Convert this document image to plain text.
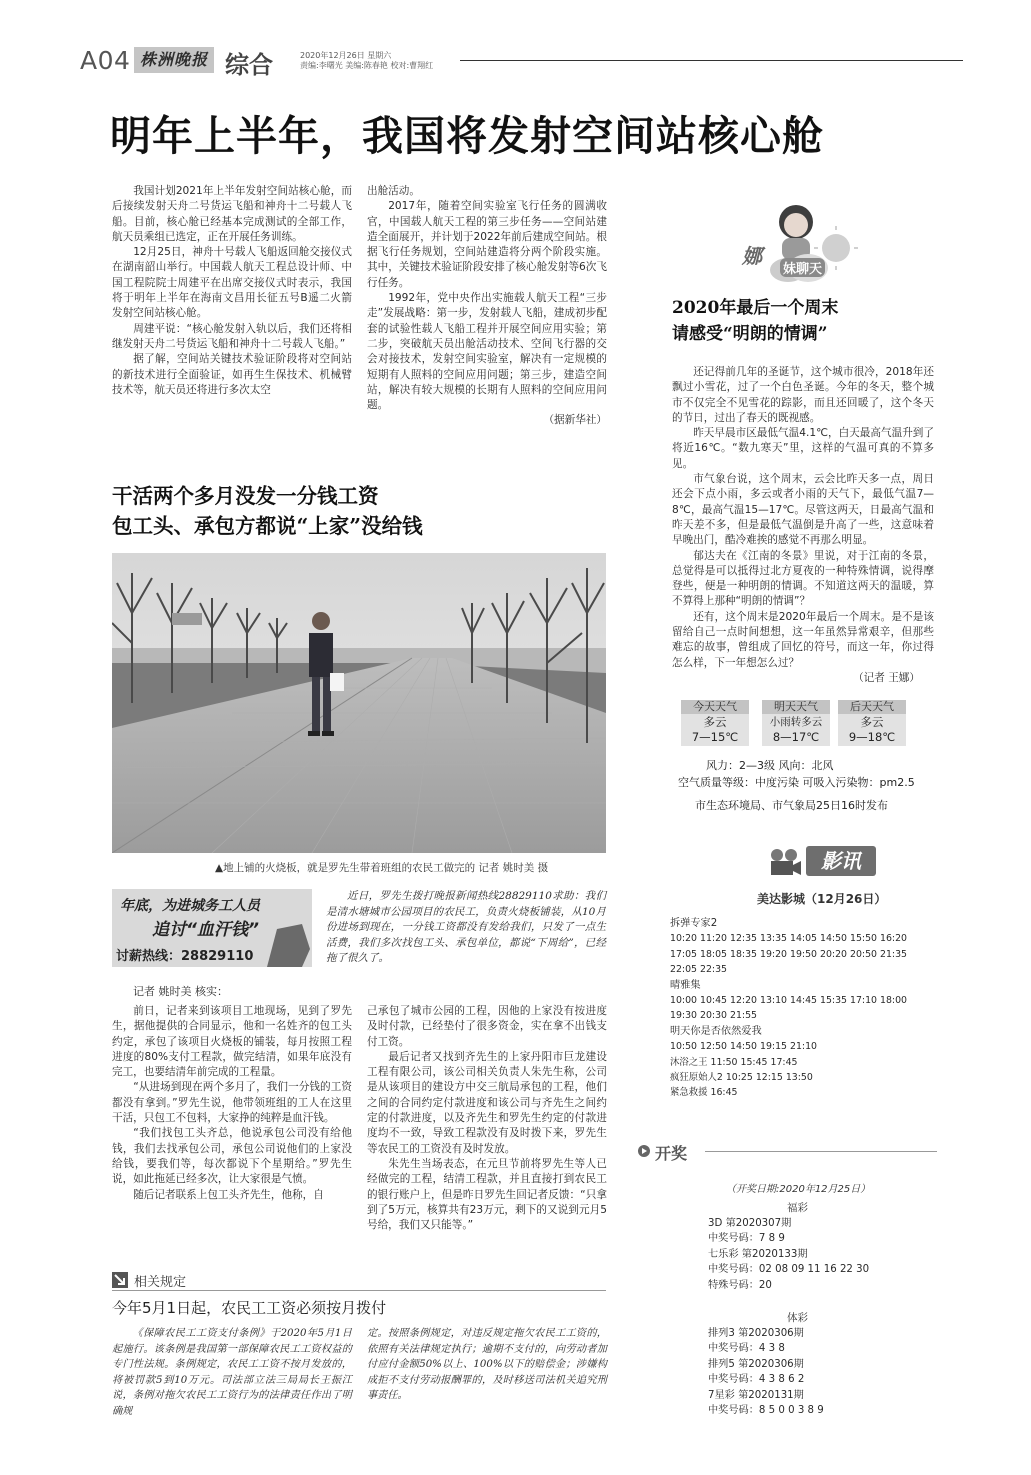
A04 株洲晚报 综合	2020年12月26日 星期六
责编:李曙光 美编:陈春艳 校对:曹翔红
明年上半年，我国将发射空间站核心舱

我国计划2021年上半年发射空间站核心舱，而后接续发射天舟二号货运飞船和神舟十二号载人飞船。目前，核心舱已经基本完成测试的全部工作，航天员乘组已选定，正在开展任务训练。

12月25日，神舟十号载人飞船返回舱交接仪式在湖南韶山举行。中国载人航天工程总设计师、中国工程院院士周建平在出席交接仪式时表示，我国将于明年上半年在海南文昌用长征五号B遥二火箭发射空间站核心舱。

周建平说：“核心舱发射入轨以后，我们还将相继发射天舟二号货运飞船和神舟十二号载人飞船。”

据了解，空间站关键技术验证阶段将对空间站的新技术进行全面验证，如再生生保技术、机械臂技术等，航天员还将进行多次太空

出舱活动。

2017年，随着空间实验室飞行任务的圆满收官，中国载人航天工程的第三步任务——空间站建造全面展开，并计划于2022年前后建成空间站。根据飞行任务规划，空间站建造将分两个阶段实施。其中，关键技术验证阶段安排了核心舱发射等6次飞行任务。

1992年，党中央作出实施载人航天工程“三步走”发展战略：第一步，发射载人飞船，建成初步配套的试验性载人飞船工程并开展空间应用实验；第二步，突破航天员出舱活动技术、空间飞行器的交会对接技术，发射空间实验室，解决有一定规模的短期有人照料的空间应用问题；第三步，建造空间站，解决有较大规模的长期有人照料的空间应用问题。

（据新华社）
干活两个多月没发一分钱工资
包工头、承包方都说“上家”没给钱
▲地上铺的火烧板，就是罗先生带着班组的农民工做完的 记者 姚时美 摄
年底，为进城务工人员
追讨“血汗钱”
讨薪热线：28829110
近日，罗先生拨打晚报新闻热线28829110求助：我们是清水塘城市公园项目的农民工，负责火烧板铺装，从10月份进场到现在，一分钱工资都没有发给我们，只发了一点生活费，我们多次找包工头、承包单位，都说“下周给”，已经拖了很久了。
记者 姚时美 核实：

前日，记者来到该项目工地现场，见到了罗先生，据他提供的合同显示，他和一名姓齐的包工头约定，承包了该项目火烧板的铺装，每月按照工程进度的80%支付工程款，做完结清，如果年底没有完工，也要结清年前完成的工程量。

“从进场到现在两个多月了，我们一分钱的工资都没有拿到。”罗先生说，他带领班组的工人在这里干活，只包工不包料，大家挣的纯粹是血汗钱。

“我们找包工头齐总，他说承包公司没有给他钱，我们去找承包公司，承包公司说他们的上家没给钱，要我们等，每次都说下个星期给。”罗先生说，如此拖延已经多次，让大家很是气愤。

随后记者联系上包工头齐先生，他称，自

己承包了城市公园的工程，因他的上家没有按进度及时付款，已经垫付了很多资金，实在拿不出钱支付工资。

最后记者又找到齐先生的上家丹阳市巨龙建设工程有限公司，该公司相关负责人朱先生称，公司是从该项目的建设方中交三航局承包的工程，他们之间的合同约定付款进度和该公司与齐先生之间约定的付款进度，以及齐先生和罗先生约定的付款进度均不一致，导致工程款没有及时拨下来，罗先生等农民工的工资没有及时发放。

朱先生当场表态，在元旦节前将罗先生等人已经做完的工程，结清工程款，并且直接打到农民工的银行账户上，但是昨日罗先生回记者反馈：“只拿到了5万元，核算共有23万元，剩下的又说到元月5号给，我们又只能等。”

相关规定
今年5月1日起，农民工工资必须按月拨付
《保障农民工工资支付条例》于2020年5月1日起施行。该条例是我国第一部保障农民工工资权益的专门性法规。条例规定，农民工工资不按月发放的，将被罚款5到10万元。司法部立法三局局长王振江说，条例对拖欠农民工工资行为的法律责任作出了明确规
定。按照条例规定，对违反规定拖欠农民工工资的，依照有关法律规定执行；逾期不支付的，向劳动者加付应付金额50%以上、100%以下的赔偿金；涉嫌构成拒不支付劳动报酬罪的，及时移送司法机关追究刑事责任。
娜
妹聊天
2020年最后一个周末
请感受“明朗的情调”

还记得前几年的圣诞节，这个城市很冷，2018年还飘过小雪花，过了一个白色圣诞。今年的冬天，整个城市不仅完全不见雪花的踪影，而且还回暖了，这个冬天的节日，过出了春天的既视感。

昨天早晨市区最低气温4.1℃，白天最高气温升到了将近16℃。“数九寒天”里，这样的气温可真的不算多见。

市气象台说，这个周末，云会比昨天多一点，周日还会下点小雨，多云或者小雨的天气下，最低气温7—8℃，最高气温15—17℃。尽管这两天，日最高气温和昨天差不多，但是最低气温倒是升高了一些，这意味着早晚出门，酷冷难挨的感觉不再那么明显。

郁达夫在《江南的冬景》里说，对于江南的冬景，总觉得是可以抵得过北方夏夜的一种特殊情调，说得摩登些，便是一种明朗的情调。不知道这两天的温暖，算不算得上那种“明朗的情调”？

还有，这个周末是2020年最后一个周末。是不是该留给自己一点时间想想，这一年虽然异常艰辛，但那些难忘的故事，曾组成了回忆的符号，而这一年，你过得怎么样，下一年想怎么过？

（记者 王娜）
今天天气
多云
7—15℃
明天天气
小雨转多云
8—17℃
后天天气
多云
9—18℃
风力：2—3级 风向：北风
空气质量等级：中度污染 可吸入污染物：pm2.5
市生态环境局、市气象局25日16时发布
影讯
美达影城（12月26日）
拆弹专家2
10:20 11:20 12:35 13:35 14:05 14:50 15:50 16:20
17:05 18:05 18:35 19:20 19:50 20:20 20:50 21:35
22:05 22:35
晴雅集
10:00 10:45 12:20 13:10 14:45 15:35 17:10 18:00
19:30 20:30 21:55
明天你是否依然爱我
10:50 12:50 14:50 19:15 21:10
沐浴之王 11:50 15:45 17:45
疯狂原始人2 10:25 12:15 13:50
紧急救援 16:45
开奖
（开奖日期:2020年12月25日）
福彩
3D 第2020307期
中奖号码：7 8 9
七乐彩 第2020133期
中奖号码：02 08 09 11 16 22 30
特殊号码：20
体彩
排列3 第2020306期
中奖号码：4 3 8
排列5 第2020306期
中奖号码：4 3 8 6 2
7星彩 第2020131期
中奖号码：8 5 0 0 3 8 9
